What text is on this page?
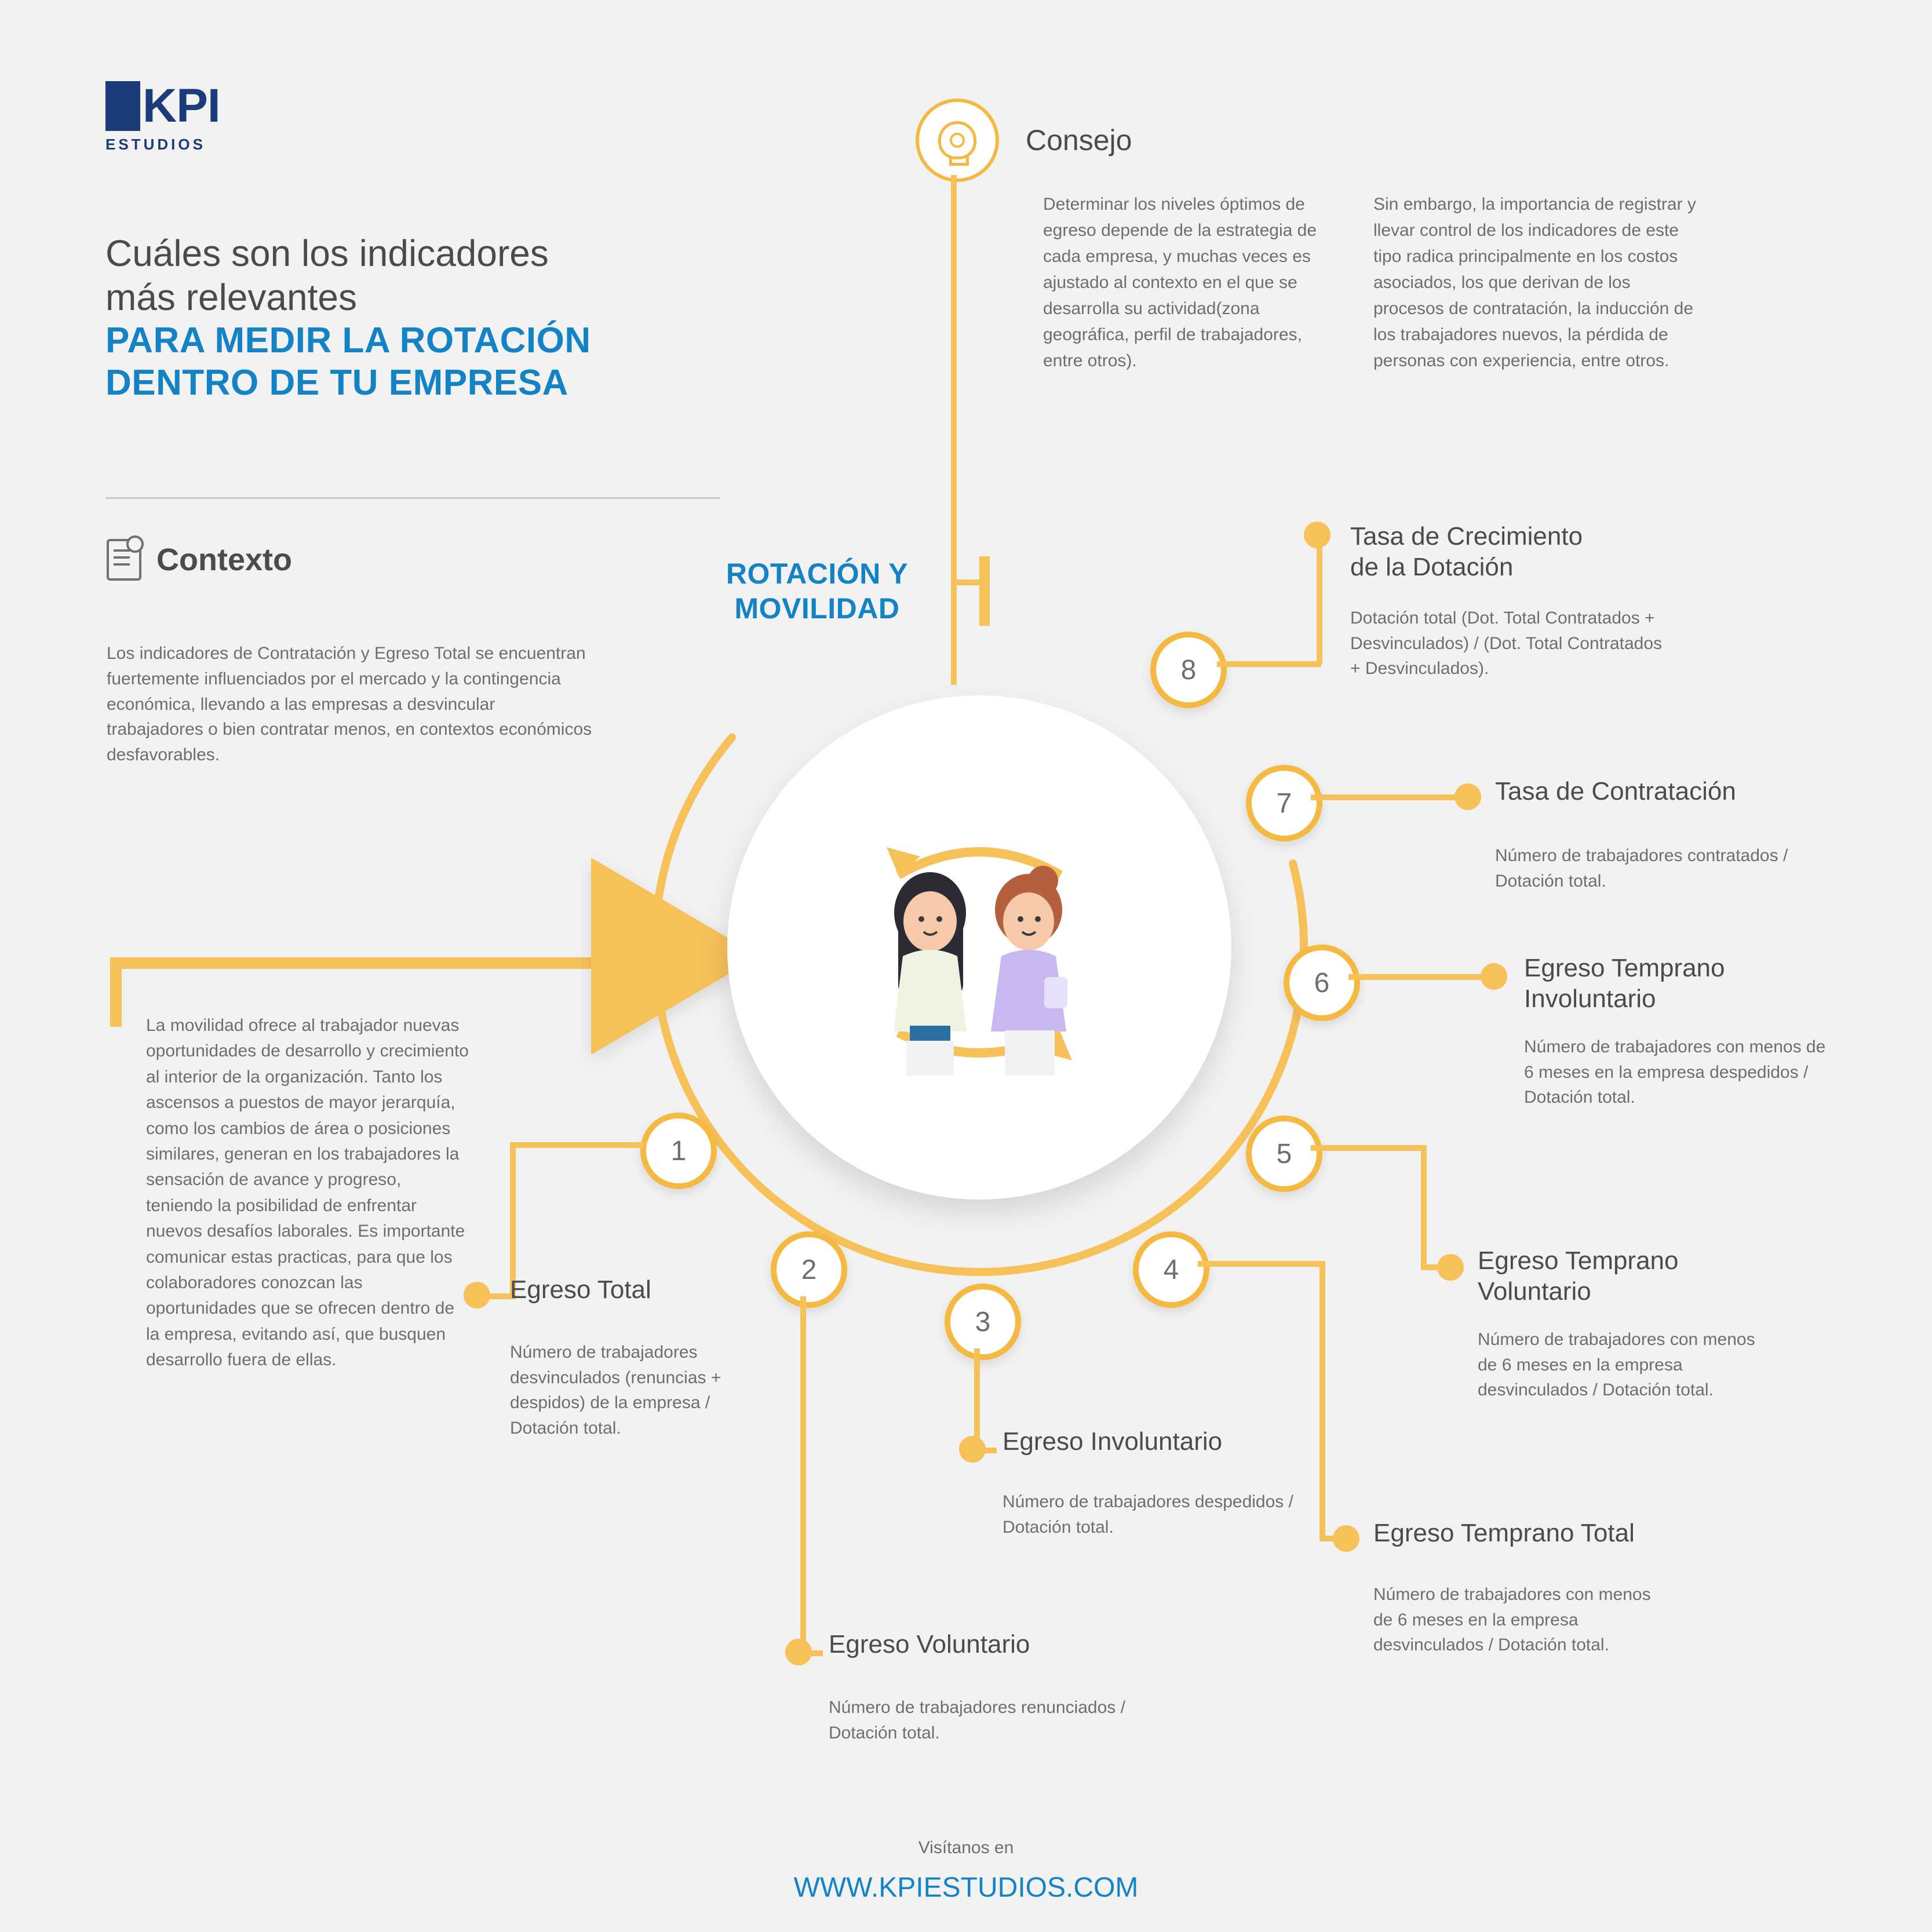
KPI
ESTUDIOS
Cuáles son los indicadores
más relevantes
PARA MEDIR LA ROTACIÓN
DENTRO DE TU EMPRESA
Contexto
Los indicadores de Contratación y Egreso Total se encuentran fuertemente influenciados por el mercado y la contingencia económica, llevando a las empresas a desvincular trabajadores o bien contratar menos, en contextos económicos desfavorables.
La movilidad ofrece al trabajador nuevas oportunidades de desarrollo y crecimiento al interior de la organización. Tanto los ascensos a puestos de mayor jerarquía, como los cambios de área o posiciones similares, generan en los trabajadores la sensación de avance y progreso, teniendo la posibilidad de enfrentar nuevos desafíos laborales. Es importante comunicar estas practicas, para que los colaboradores conozcan las oportunidades que se ofrecen dentro de la empresa, evitando así, que busquen desarrollo fuera de ellas.
Consejo
Determinar los niveles óptimos de egreso depende de la estrategia de cada empresa, y muchas veces es ajustado al contexto en el que se desarrolla su actividad(zona geográfica, perfil de trabajadores, entre otros).
Sin embargo, la importancia de registrar y llevar control de los indicadores de este tipo radica principalmente en los costos asociados, los que derivan de los procesos de contratación, la inducción de los trabajadores nuevos, la pérdida de personas con experiencia, entre otros.
ROTACIÓN Y
MOVILIDAD
8
Tasa de Crecimiento
de la Dotación
Dotación total (Dot. Total Contratados + Desvinculados) / (Dot. Total Contratados + Desvinculados).
7	Tasa de Contratación
Número de trabajadores contratados / Dotación total.
6	Egreso Temprano
Involuntario
Número de trabajadores con menos de 6 meses en la empresa despedidos / Dotación total.
5
Egreso Temprano
Voluntario
Número de trabajadores con menos de 6 meses en la empresa desvinculados / Dotación total.
4
Egreso Temprano Total
Número de trabajadores con menos de 6 meses en la empresa desvinculados / Dotación total.
3
Egreso Involuntario
Número de trabajadores despedidos / Dotación total.
2
Egreso Voluntario
Número de trabajadores renunciados / Dotación total.
1
Egreso Total
Número de trabajadores desvinculados (renuncias + despidos) de la empresa / Dotación total.
Visítanos en
WWW.KPIESTUDIOS.COM
